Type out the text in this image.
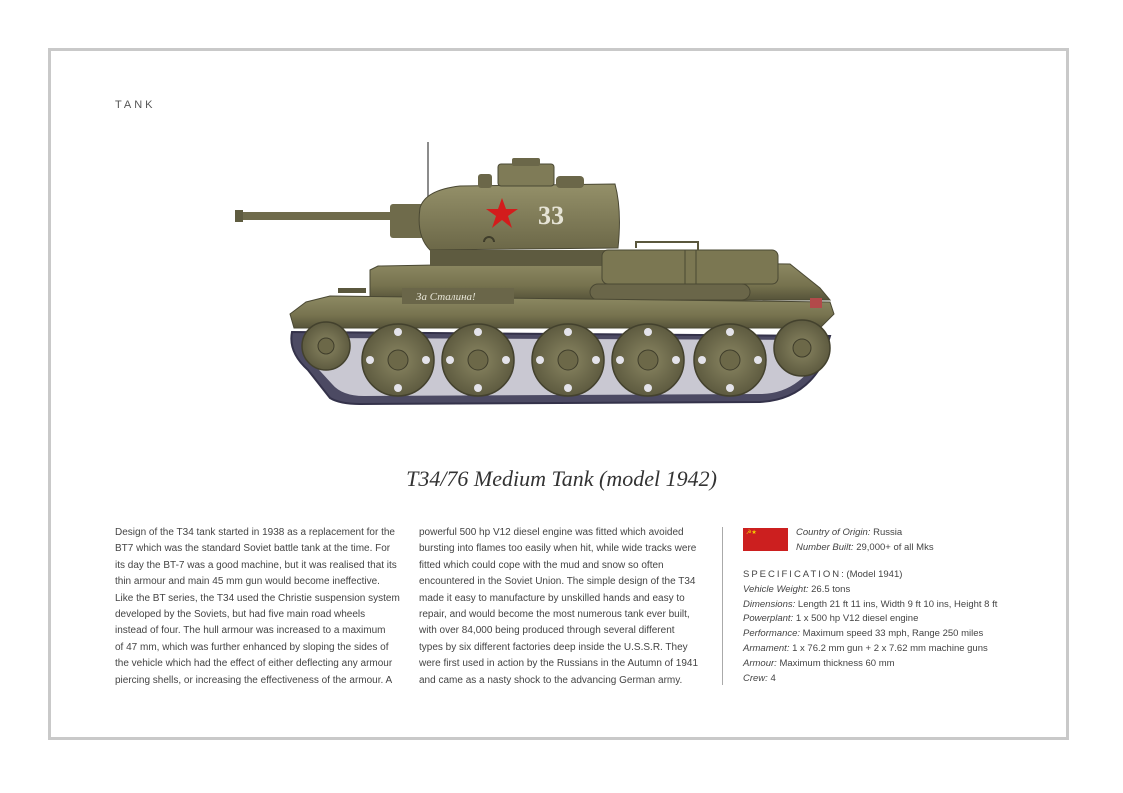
TANK
33
За Сталина!
T34/76 Medium Tank (model 1942)
Design of the T34 tank started in 1938 as a replacement for the
BT7 which was the standard Soviet battle tank at the time. For
its day the BT-7 was a good machine, but it was realised that its
thin armour and main 45 mm gun would become ineffective.
Like the BT series, the T34 used the Christie suspension system
developed by the Soviets, but had five main road wheels
instead of four. The hull armour was increased to a maximum
of 47 mm, which was further enhanced by sloping the sides of
the vehicle which had the effect of either deflecting any armour
piercing shells, or increasing the effectiveness of the armour. A
powerful 500 hp V12 diesel engine was fitted which avoided
bursting into flames too easily when hit, while wide tracks were
fitted which could cope with the mud and snow so often
encountered in the Soviet Union. The simple design of the T34
made it easy to manufacture by unskilled hands and easy to
repair, and would become the most numerous tank ever built,
with over 84,000 being produced through several different
types by six different factories deep inside the U.S.S.R. They
were first used in action by the Russians in the Autumn of 1941
and came as a nasty shock to the advancing German army.
☭★	Country of Origin: Russia
Number Built: 29,000+ of all Mks
SPECIFICATION: (Model 1941)
Vehicle Weight: 26.5 tons
Dimensions: Length 21 ft 11 ins, Width 9 ft 10 ins, Height 8 ft
Powerplant: 1 x 500 hp V12 diesel engine
Performance: Maximum speed 33 mph, Range 250 miles
Armament: 1 x 76.2 mm gun + 2 x 7.62 mm machine guns
Armour: Maximum thickness 60 mm
Crew: 4
